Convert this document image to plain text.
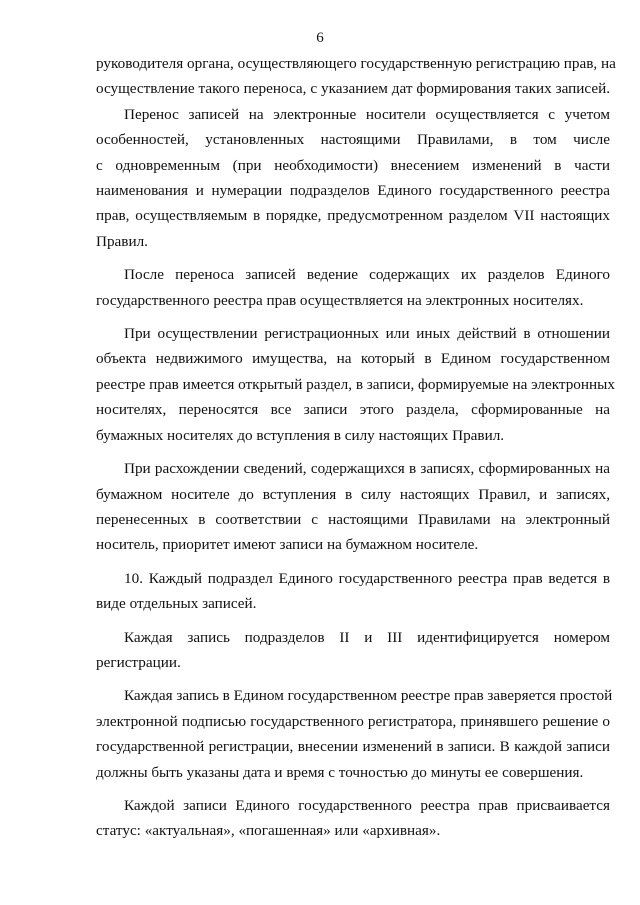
6

руководителя органа, осуществляющего государственную регистрацию прав, на
осуществление такого переноса, с указанием дат формирования таких записей.
Перенос записей на электронные носители осуществляется с учетом
особенностей, установленных настоящими Правилами, в том числе
с одновременным (при необходимости) внесением изменений в части
наименования и нумерации подразделов Единого государственного реестра
прав, осуществляемым в порядке, предусмотренном разделом VII настоящих
Правил.

После переноса записей ведение содержащих их разделов Единого
государственного реестра прав осуществляется на электронных носителях.

При осуществлении регистрационных или иных действий в отношении
объекта недвижимого имущества, на который в Едином государственном
реестре прав имеется открытый раздел, в записи, формируемые на электронных
носителях, переносятся все записи этого раздела, сформированные на
бумажных носителях до вступления в силу настоящих Правил.

При расхождении сведений, содержащихся в записях, сформированных на
бумажном носителе до вступления в силу настоящих Правил, и записях,
перенесенных в соответствии с настоящими Правилами на электронный
носитель, приоритет имеют записи на бумажном носителе.

10. Каждый подраздел Единого государственного реестра прав ведется в
виде отдельных записей.

Каждая запись подразделов II и III идентифицируется номером
регистрации.

Каждая запись в Едином государственном реестре прав заверяется простой
электронной подписью государственного регистратора, принявшего решение о
государственной регистрации, внесении изменений в записи. В каждой записи
должны быть указаны дата и время с точностью до минуты ее совершения.

Каждой записи Единого государственного реестра прав присваивается
статус: «актуальная», «погашенная» или «архивная».
